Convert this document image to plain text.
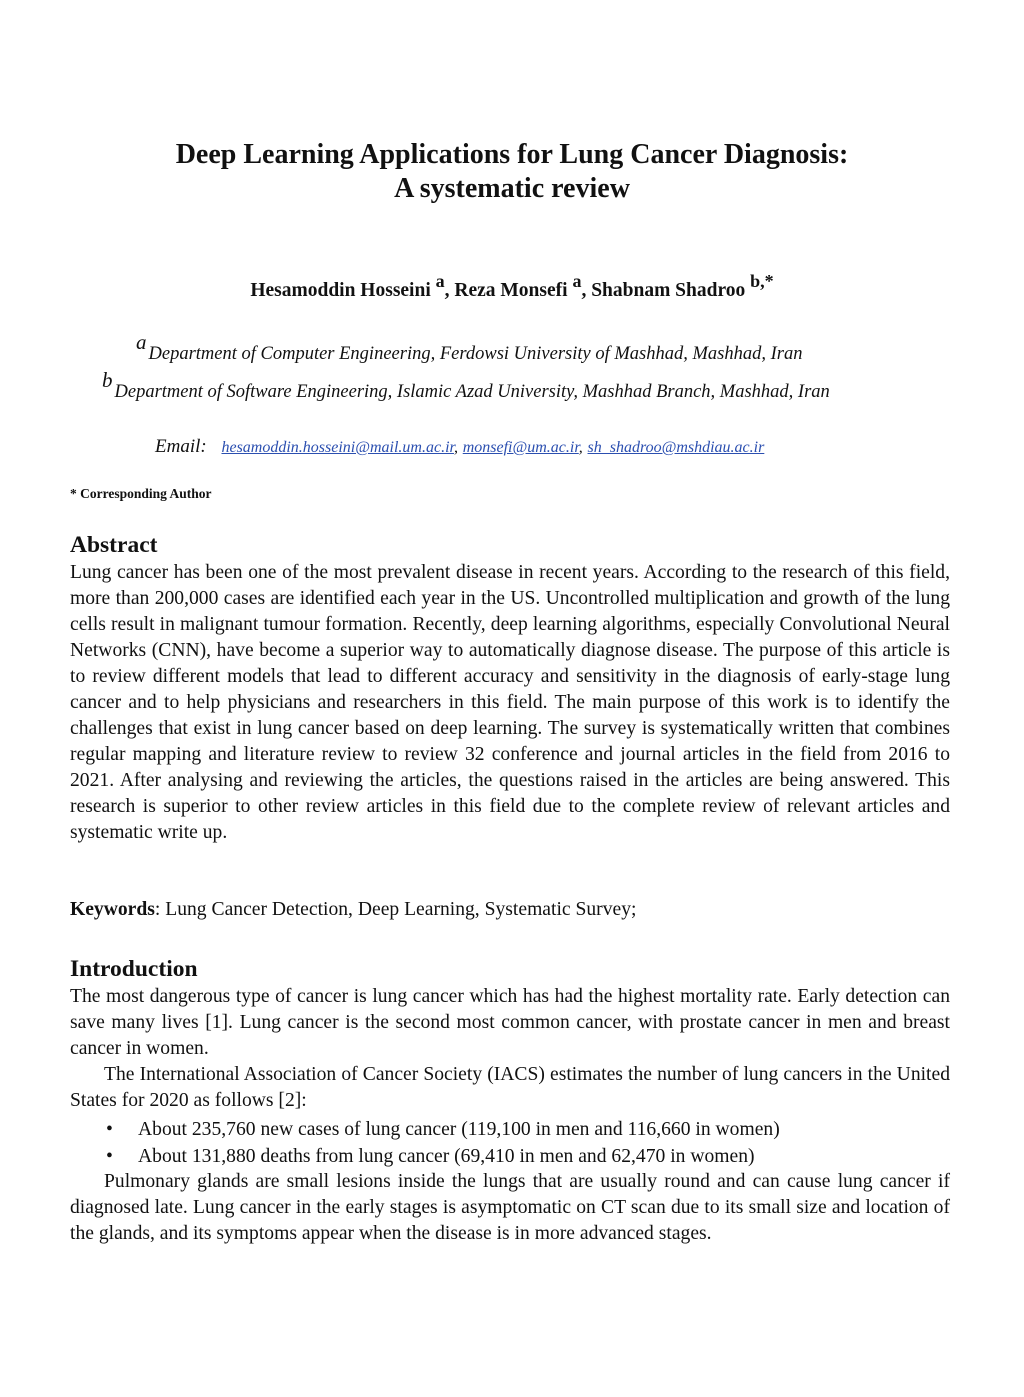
Deep Learning Applications for Lung Cancer Diagnosis:
A systematic review
Hesamoddin Hosseini $^a$, Reza Monsefi $^a$, Shabnam Shadroo $^{b,*}$
a Department of Computer Engineering, Ferdowsi University of Mashhad, Mashhad, Iran
b Department of Software Engineering, Islamic Azad University, Mashhad Branch, Mashhad, Iran
Email: hesamoddin.hosseini@mail.um.ac.ir, monsefi@um.ac.ir, sh_shadroo@mshdiau.ac.ir
* Corresponding Author
Abstract
Lung cancer has been one of the most prevalent disease in recent years. According to the research of this field, more than 200,000 cases are identified each year in the US. Uncontrolled multiplication and growth of the lung cells result in malignant tumour formation. Recently, deep learning algorithms, especially Convolutional Neural Networks (CNN), have become a superior way to automatically diagnose disease. The purpose of this article is to review different models that lead to different accuracy and sensitivity in the diagnosis of early-stage lung cancer and to help physicians and researchers in this field. The main purpose of this work is to identify the challenges that exist in lung cancer based on deep learning. The survey is systematically written that combines regular mapping and literature review to review 32 conference and journal articles in the field from 2016 to 2021. After analysing and reviewing the articles, the questions raised in the articles are being answered. This research is superior to other review articles in this field due to the complete review of relevant articles and systematic write up.
Keywords: Lung Cancer Detection, Deep Learning, Systematic Survey;
Introduction
The most dangerous type of cancer is lung cancer which has had the highest mortality rate. Early detection can save many lives [1]. Lung cancer is the second most common cancer, with prostate cancer in men and breast cancer in women.
The International Association of Cancer Society (IACS) estimates the number of lung cancers in the United States for 2020 as follows [2]:
• About 235,760 new cases of lung cancer (119,100 in men and 116,660 in women)
• About 131,880 deaths from lung cancer (69,410 in men and 62,470 in women)
Pulmonary glands are small lesions inside the lungs that are usually round and can cause lung cancer if diagnosed late. Lung cancer in the early stages is asymptomatic on CT scan due to its small size and location of the glands, and its symptoms appear when the disease is in more advanced stages.
